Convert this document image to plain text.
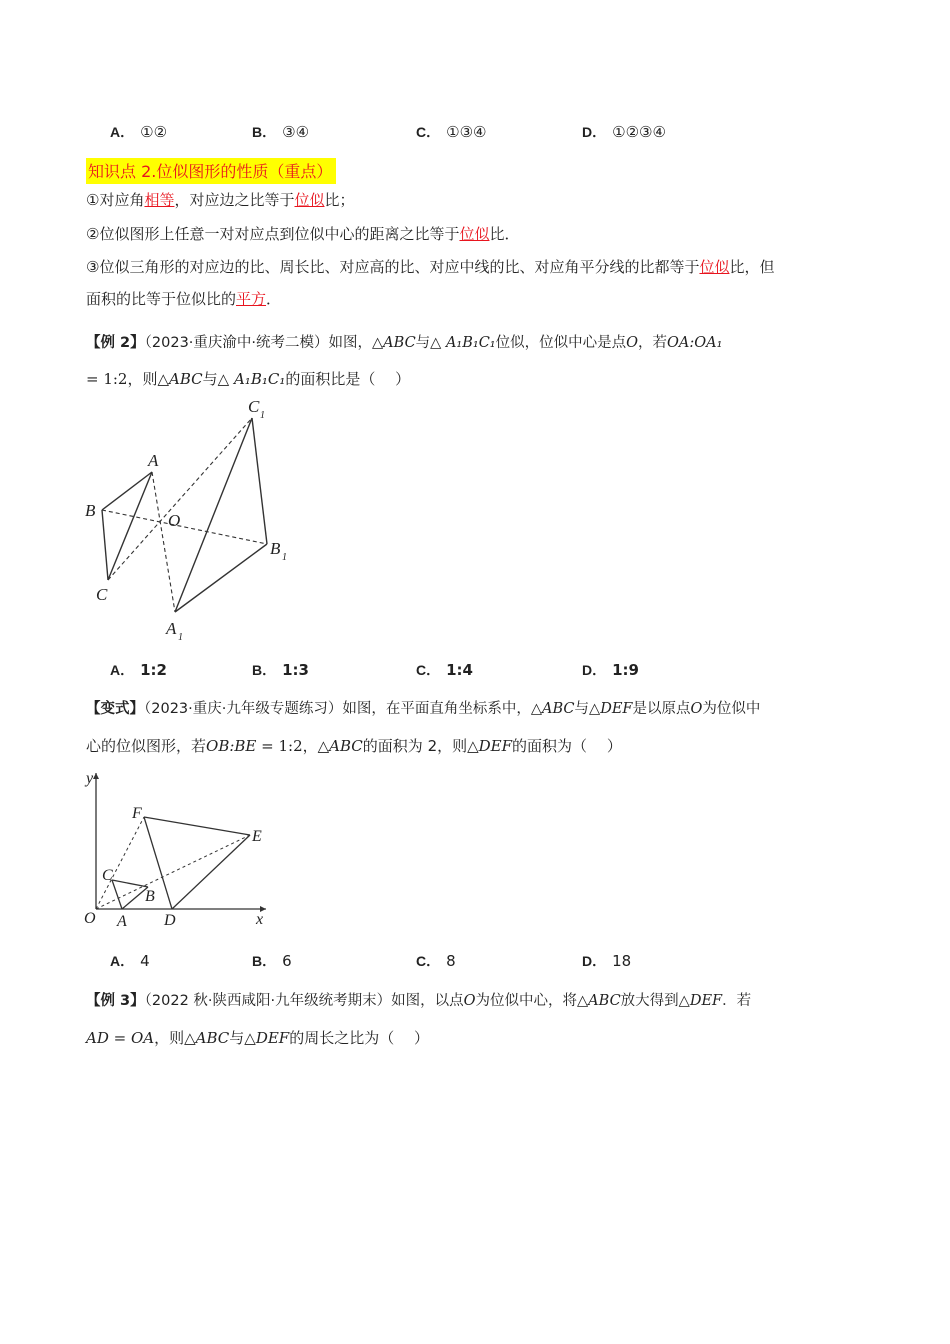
A． ①②	B． ③④	C． ①③④	D． ①②③④
知识点 2.位似图形的性质（重点）
①对应角相等，对应边之比等于位似比；
②位似图形上任意一对对应点到位似中心的距离之比等于位似比．
③位似三角形的对应边的比、周长比、对应高的比、对应中线的比、对应角平分线的比都等于位似比，但
面积的比等于位似比的平方．
【例 2】（2023·重庆渝中·统考二模）如图，△ABC与△ A₁B₁C₁位似，位似中心是点O，若OA:OA₁
= 1:2，则△ABC与△ A₁B₁C₁的面积比是（　 ）
A
B
C
O
A 1
B 1
C 1
A． 1:2	B． 1:3	C． 1:4	D． 1:9
【变式】（2023·重庆·九年级专题练习）如图，在平面直角坐标系中，△ABC与△DEF是以原点O为位似中
心的位似图形，若OB:BE = 1:2，△ABC的面积为 2，则△DEF的面积为（　 ）
y
x
O A
B
C
D
E
F
A． 4	B． 6	C． 8	D． 18
【例 3】（2022 秋·陕西咸阳·九年级统考期末）如图，以点O为位似中心，将△ABC放大得到△DEF．若
AD = OA，则△ABC与△DEF的周长之比为（　 ）
